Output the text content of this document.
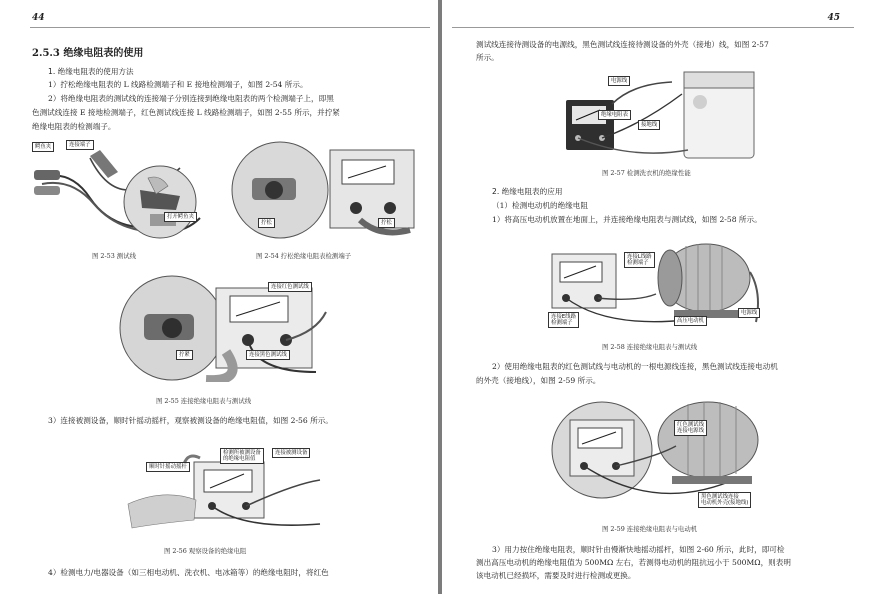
44
2.5.3 绝缘电阻表的使用
1. 绝缘电阻表的使用方法
1）拧松绝缘电阻表的 L 线路检测端子和 E 接地检测端子，如图 2-54 所示。
2）将绝缘电阻表的测试线的连接端子分别连接到绝缘电阻表的两个检测端子上，即黑
色测试线连接 E 接地检测端子，红色测试线连接 L 线路检测端子，如图 2-55 所示，并拧紧
绝缘电阻表的检测端子。
鳄鱼夹	连接端子
打开鳄鱼夹
图 2-53 测试线
拧松	拧松
图 2-54 拧松绝缘电阻表检测端子
连接红色测试线
拧紧	连接黑色测试线
图 2-55 连接绝缘电阻表与测试线
3）连接被测设备，顺时针摇动摇杆，观察被测设备的绝缘电阻值，如图 2-56 所示。
顺时针摇动摇杆
检测所被测设备
的绝缘电阻值
连接被测设备
图 2-56 观察设备的绝缘电阻
4）检测电力/电器设备（如三相电动机、洗衣机、电冰箱等）的绝缘电阻时，将红色
45
测试线连接待测设备的电源线，黑色测试线连接待测设备的外壳（接地）线，如图 2-57
所示。
电源线
绝缘电阻表
接地线
图 2-57 检测洗衣机的绝缘性能
2. 绝缘电阻表的应用
（1）检测电动机的绝缘电阻
1）将高压电动机放置在地面上，并连接绝缘电阻表与测试线，如图 2-58 所示。
连接L线路
检测端子
连接E线路
检测端子	高压电动机
电源线
图 2-58 连接绝缘电阻表与测试线
2）使用绝缘电阻表的红色测试线与电动机的一根电源线连接，黑色测试线连接电动机
的外壳（接地线），如图 2-59 所示。
红色测试线
连接电源线
黑色测试线连接
电动机外壳(接地线)
图 2-59 连接绝缘电阻表与电动机
3）用力按住绝缘电阻表，顺时针由慢渐快地摇动摇杆，如图 2-60 所示，此时，即可检
测出高压电动机的绝缘电阻值为 500MΩ 左右，若测得电动机的阻抗远小于 500MΩ，则表明
该电动机已经损坏，需要及时进行检测或更换。
